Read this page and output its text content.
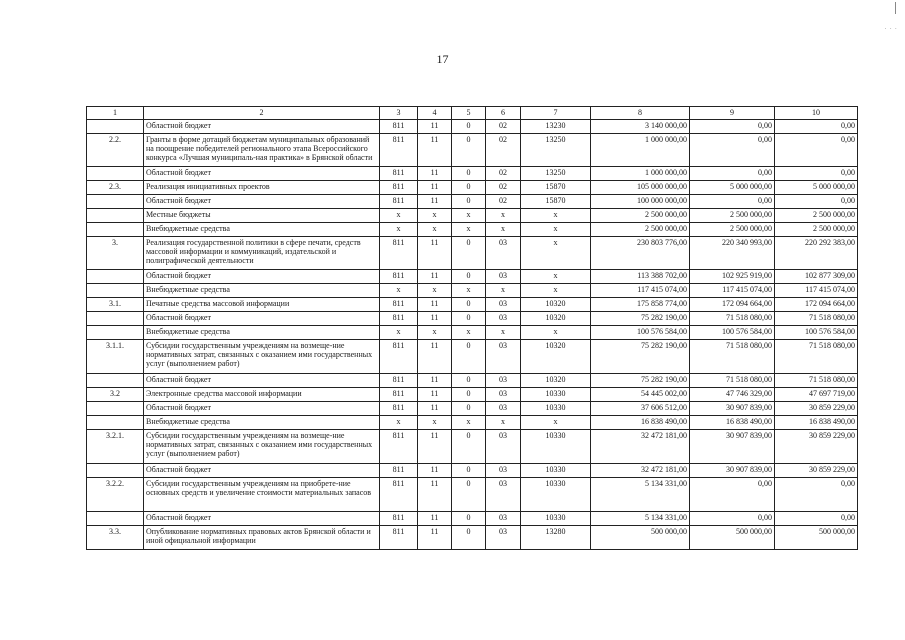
. . .
17
1	2	3	4	5	6	7	8	9	10
	Областной бюджет	811	11	0	02	13230	3 140 000,00	0,00	0,00
2.2.	Гранты в форме дотаций бюджетам муниципальных образований на поощрение победителей регионального этапа Всероссийского конкурса «Лучшая муниципаль-ная практика» в Брянской области	811	11	0	02	13250	1 000 000,00	0,00	0,00
	Областной бюджет	811	11	0	02	13250	1 000 000,00	0,00	0,00
2.3.	Реализация инициативных проектов	811	11	0	02	15870	105 000 000,00	5 000 000,00	5 000 000,00
	Областной бюджет	811	11	0	02	15870	100 000 000,00	0,00	0,00
	Местные бюджеты	х	х	х	х	х	2 500 000,00	2 500 000,00	2 500 000,00
	Внебюджетные средства	х	х	х	х	х	2 500 000,00	2 500 000,00	2 500 000,00
3.	Реализация государственной политики в сфере печати, средств массовой информации и коммуникаций, издательской и полиграфической деятельности	811	11	0	03	х	230 803 776,00	220 340 993,00	220 292 383,00
	Областной бюджет	811	11	0	03	х	113 388 702,00	102 925 919,00	102 877 309,00
	Внебюджетные средства	х	х	х	х	х	117 415 074,00	117 415 074,00	117 415 074,00
3.1.	Печатные средства массовой информации	811	11	0	03	10320	175 858 774,00	172 094 664,00	172 094 664,00
	Областной бюджет	811	11	0	03	10320	75 282 190,00	71 518 080,00	71 518 080,00
	Внебюджетные средства	х	х	х	х	х	100 576 584,00	100 576 584,00	100 576 584,00
3.1.1.	Субсидии государственным учреждениям на возмеще-ние нормативных затрат, связанных с оказанием ими государственных услуг (выполнением работ)	811	11	0	03	10320	75 282 190,00	71 518 080,00	71 518 080,00
	Областной бюджет	811	11	0	03	10320	75 282 190,00	71 518 080,00	71 518 080,00
3.2	Электронные средства массовой информации	811	11	0	03	10330	54 445 002,00	47 746 329,00	47 697 719,00
	Областной бюджет	811	11	0	03	10330	37 606 512,00	30 907 839,00	30 859 229,00
	Внебюджетные средства	х	х	х	х	х	16 838 490,00	16 838 490,00	16 838 490,00
3.2.1.	Субсидии государственным учреждениям на возмеще-ние нормативных затрат, связанных с оказанием ими государственных услуг (выполнением работ)	811	11	0	03	10330	32 472 181,00	30 907 839,00	30 859 229,00
	Областной бюджет	811	11	0	03	10330	32 472 181,00	30 907 839,00	30 859 229,00
3.2.2.	Субсидии государственным учреждениям на приобрете-ние основных средств и увеличение стоимости материальных запасов	811	11	0	03	10330	5 134 331,00	0,00	0,00
	Областной бюджет	811	11	0	03	10330	5 134 331,00	0,00	0,00
3.3.	Опубликование нормативных правовых актов Брянской области и иной официальной информации	811	11	0	03	13280	500 000,00	500 000,00	500 000,00
